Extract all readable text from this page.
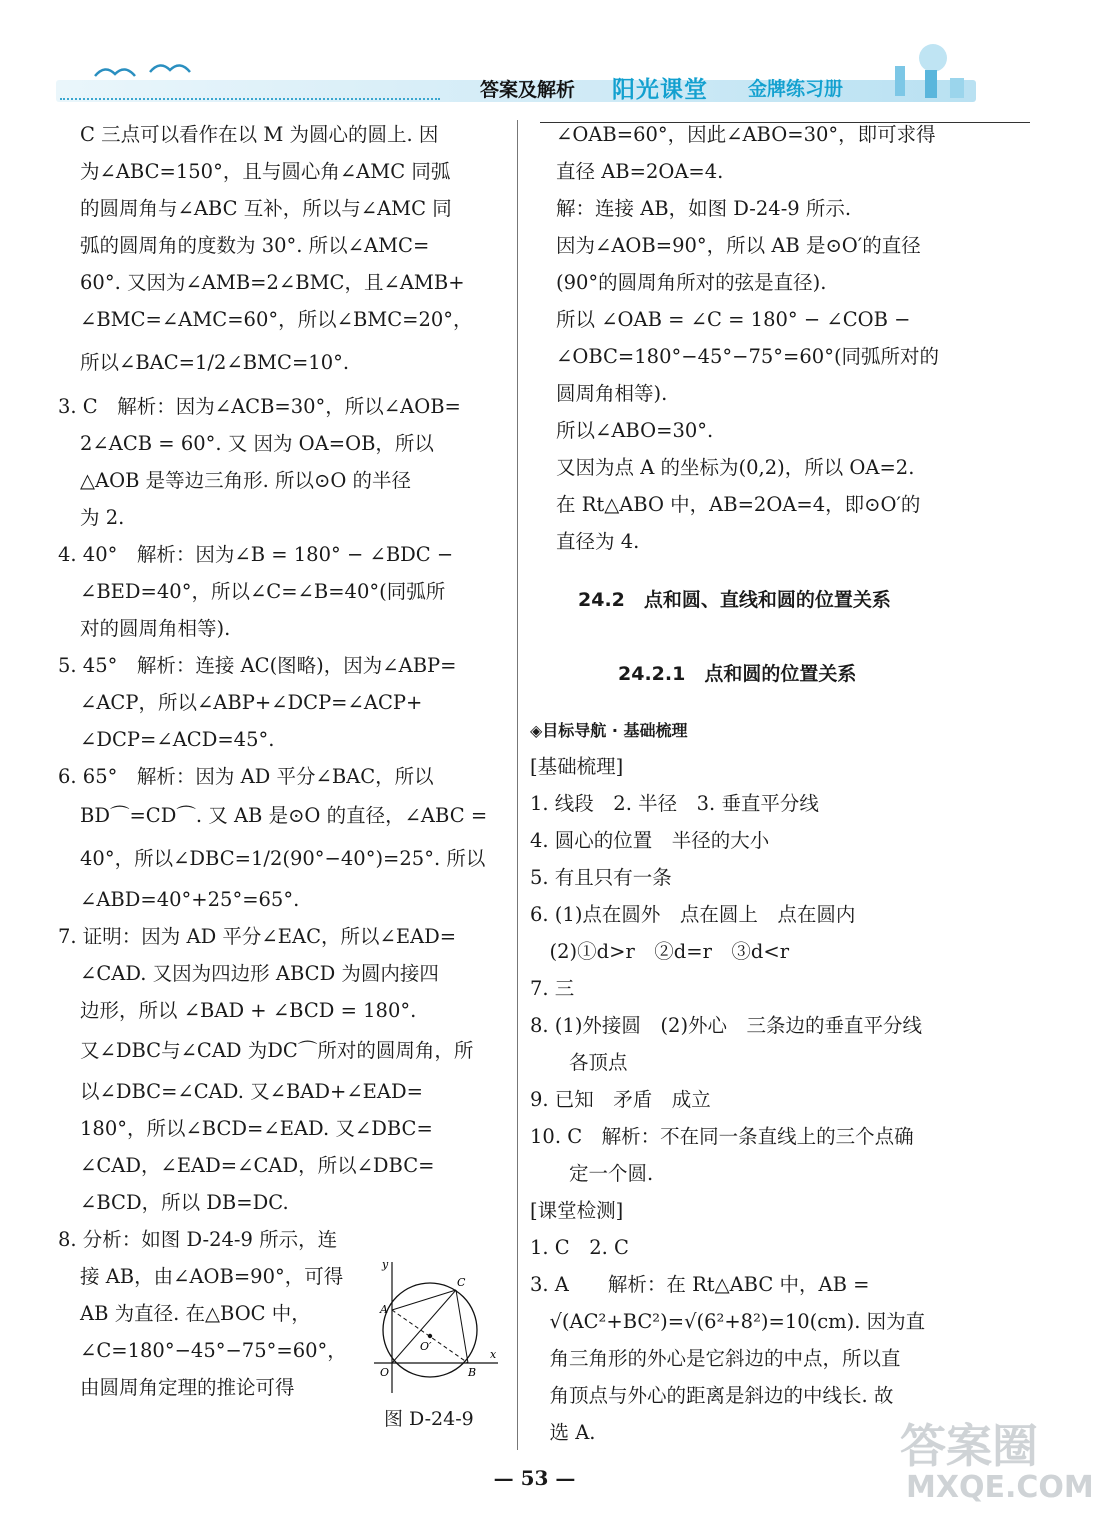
答案及解析 阳光课堂 金牌练习册

C 三点可以看作在以 M 为圆心的圆上. 因

为∠ABC=150°，且与圆心角∠AMC 同弧

的圆周角与∠ABC 互补，所以与∠AMC 同

弧的圆周角的度数为 30°. 所以∠AMC=

60°. 又因为∠AMB=2∠BMC，且∠AMB+

∠BMC=∠AMC=60°，所以∠BMC=20°，

所以∠BAC=1/2∠BMC=10°.

3. C　解析：因为∠ACB=30°，所以∠AOB=

2∠ACB = 60°. 又 因为 OA=OB，所以

△AOB 是等边三角形. 所以⊙O 的半径

为 2.

4. 40°　解析：因为∠B = 180° − ∠BDC −

∠BED=40°，所以∠C=∠B=40°(同弧所

对的圆周角相等).

5. 45°　解析：连接 AC(图略)，因为∠ABP=

∠ACP，所以∠ABP+∠DCP=∠ACP+

∠DCP=∠ACD=45°.

6. 65°　解析：因为 AD 平分∠BAC，所以

BD⌒=CD⌒. 又 AB 是⊙O 的直径，∠ABC =

40°，所以∠DBC=1/2(90°−40°)=25°. 所以

∠ABD=40°+25°=65°.

7. 证明：因为 AD 平分∠EAC，所以∠EAD=

∠CAD. 又因为四边形 ABCD 为圆内接四

边形，所以 ∠BAD + ∠BCD = 180°.

又∠DBC与∠CAD 为DC⌒所对的圆周角，所

以∠DBC=∠CAD. 又∠BAD+∠EAD=

180°，所以∠BCD=∠EAD. 又∠DBC=

∠CAD，∠EAD=∠CAD，所以∠DBC=

∠BCD，所以 DB=DC.

8. 分析：如图 D-24-9 所示，连

接 AB，由∠AOB=90°，可得

AB 为直径. 在△BOC 中，

∠C=180°−45°−75°=60°，

由圆周角定理的推论可得

y
x
A
B
C
O
O′
图 D-24-9

∠OAB=60°，因此∠ABO=30°，即可求得

直径 AB=2OA=4.

解：连接 AB，如图 D-24-9 所示.

因为∠AOB=90°，所以 AB 是⊙O′的直径

(90°的圆周角所对的弦是直径).

所以 ∠OAB = ∠C = 180° − ∠COB −

∠OBC=180°−45°−75°=60°(同弧所对的

圆周角相等).

所以∠ABO=30°.

又因为点 A 的坐标为(0,2)，所以 OA=2.

在 Rt△ABO 中，AB=2OA=4，即⊙O′的

直径为 4.

24.2　点和圆、直线和圆的位置关系
24.2.1　点和圆的位置关系
◈目标导航 · 基础梳理

[基础梳理]

1. 线段　2. 半径　3. 垂直平分线

4. 圆心的位置　半径的大小

5. 有且只有一条

6. (1)点在圆外　点在圆上　点在圆内

　(2)①d>r　②d=r　③d<r

7. 三

8. (1)外接圆　(2)外心　三条边的垂直平分线

　　各顶点

9. 已知　矛盾　成立

10. C　解析：不在同一条直线上的三个点确

　　定一个圆.

[课堂检测]

1. C　2. C

3. A　　解析：在 Rt△ABC 中，AB =

　√(AC²+BC²)=√(6²+8²)=10(cm). 因为直

　角三角形的外心是它斜边的中点，所以直

　角顶点与外心的距离是斜边的中线长. 故

　选 A.

— 53 —
答案圈
MXQE.COM
